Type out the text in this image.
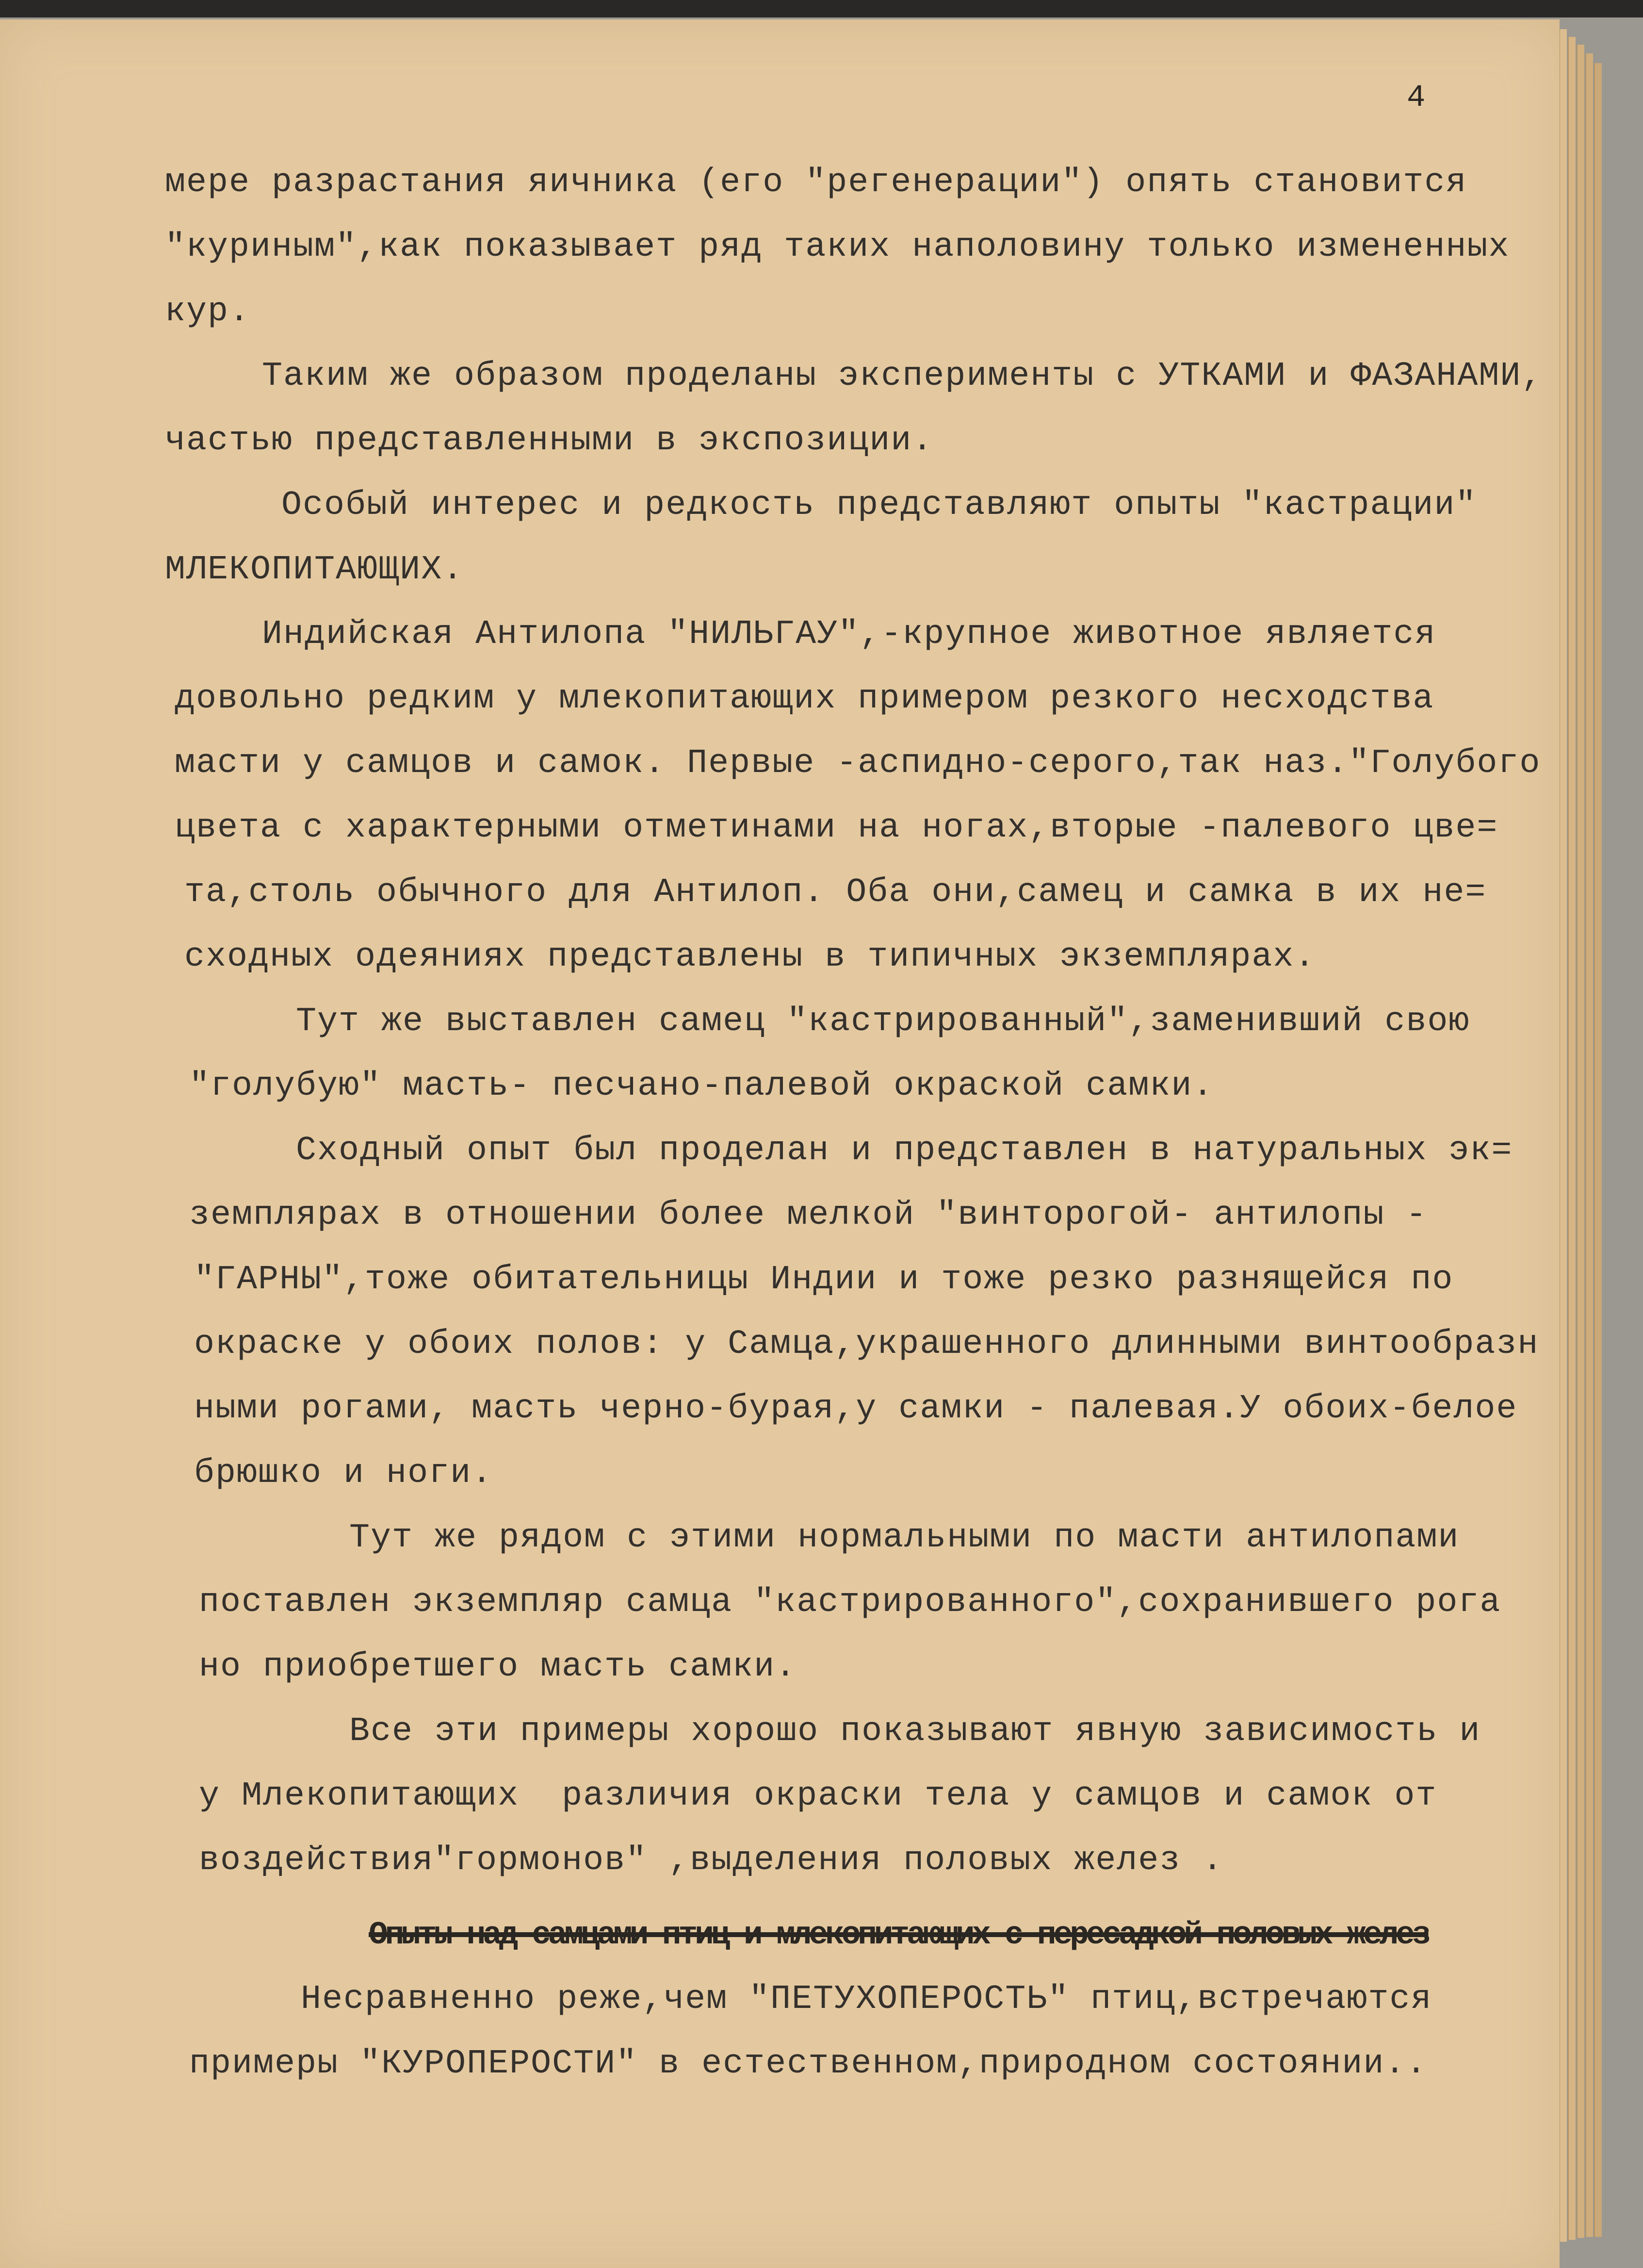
4
мере разрастания яичника (его "регенерации") опять становится
"куриным",как показывает ряд таких наполовину только измененных
кур.
Таким же образом проделаны эксперименты с УТКАМИ и ФАЗАНАМИ,
частью представленными в экспозиции.
Особый интерес и редкость представляют опыты "кастрации"
МЛЕКОПИТАЮЩИХ.
Индийская Антилопа "НИЛЬГАУ",-крупное животное является
довольно редким у млекопитающих примером резкого несходства
масти у самцов и самок. Первые -аспидно-серого,так наз."Голубого
цвета с характерными отметинами на ногах,вторые -палевого цве=
та,столь обычного для Антилоп. Оба они,самец и самка в их не=
сходных одеяниях представлены в типичных экземплярах.
Тут же выставлен самец "кастрированный",заменивший свою
"голубую" масть- песчано-палевой окраской самки.
Сходный опыт был проделан и представлен в натуральных эк=
земплярах в отношении более мелкой "винторогой- антилопы -
"ГАРНЫ",тоже обитательницы Индии и тоже резко разнящейся по
окраске у обоих полов: у Самца,украшенного длинными винтообразн
ными рогами, масть черно-бурая,у самки - палевая.У обоих-белое
брюшко и ноги.
Тут же рядом с этими нормальными по масти антилопами
поставлен экземпляр самца "кастрированного",сохранившего рога
но приобретшего масть самки.
Все эти примеры хорошо показывают явную зависимость и
у Млекопитающих  различия окраски тела у самцов и самок от
воздействия"гормонов" ,выделения половых желез .
Опыты над самцами птиц и млекопитающих с пересадкой половых желез
Несравненно реже,чем "ПЕТУХОПЕРОСТЬ" птиц,встречаются
примеры "КУРОПЕРОСТИ" в естественном,природном состоянии..
